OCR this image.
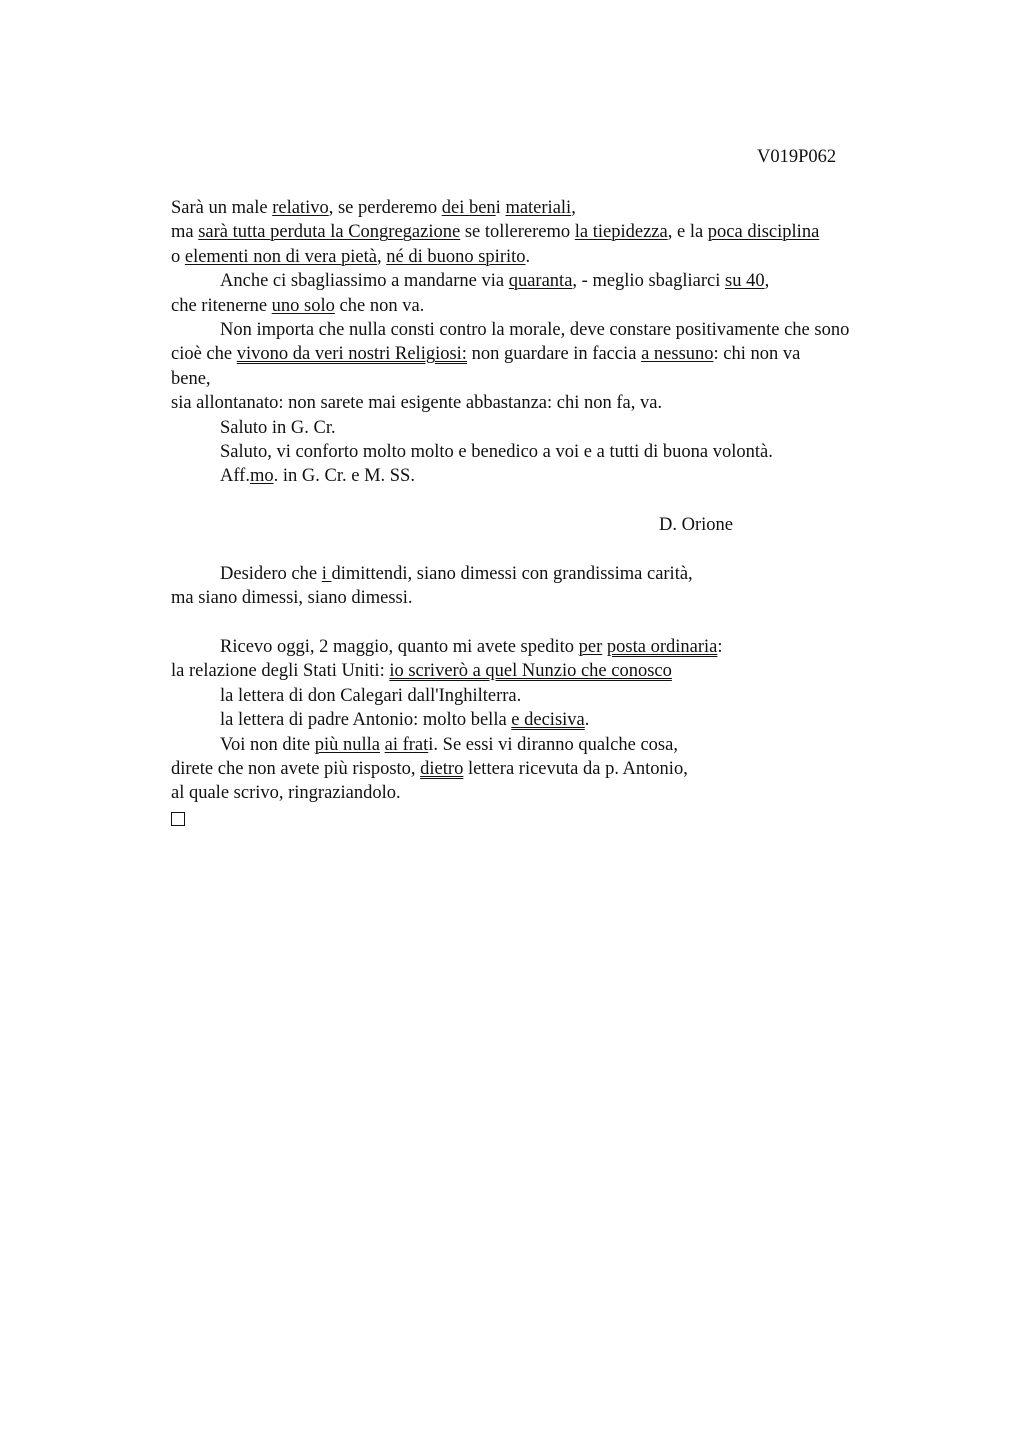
V019P062
Sarà un male relativo, se perderemo dei beni materiali,
ma sarà tutta perduta la Congregazione se tollereremo la tiepidezza, e la poca disciplina
o elementi non di vera pietà, né di buono spirito.
Anche ci sbagliassimo a mandarne via quaranta, - meglio sbagliarci su 40,
che ritenerne uno solo che non va.
Non importa che nulla consti contro la morale, deve constare positivamente che sono
cioè che vivono da veri nostri Religiosi: non guardare in faccia a nessuno: chi non va
bene,
sia allontanato: non sarete mai esigente abbastanza: chi non fa, va.
Saluto in G. Cr.
Saluto, vi conforto molto molto e benedico a voi e a tutti di buona volontà.
Aff.mo. in G. Cr. e M. SS.
D. Orione
Desidero che i dimittendi, siano dimessi con grandissima carità,
ma siano dimessi, siano dimessi.
Ricevo oggi, 2 maggio, quanto mi avete spedito per posta ordinaria:
la relazione degli Stati Uniti: io scriverò a quel Nunzio che conosco
la lettera di don Calegari dall'Inghilterra.
la lettera di padre Antonio: molto bella e decisiva.
Voi non dite più nulla ai frati. Se essi vi diranno qualche cosa,
direte che non avete più risposto, dietro lettera ricevuta da p. Antonio,
al quale scrivo, ringraziandolo.
